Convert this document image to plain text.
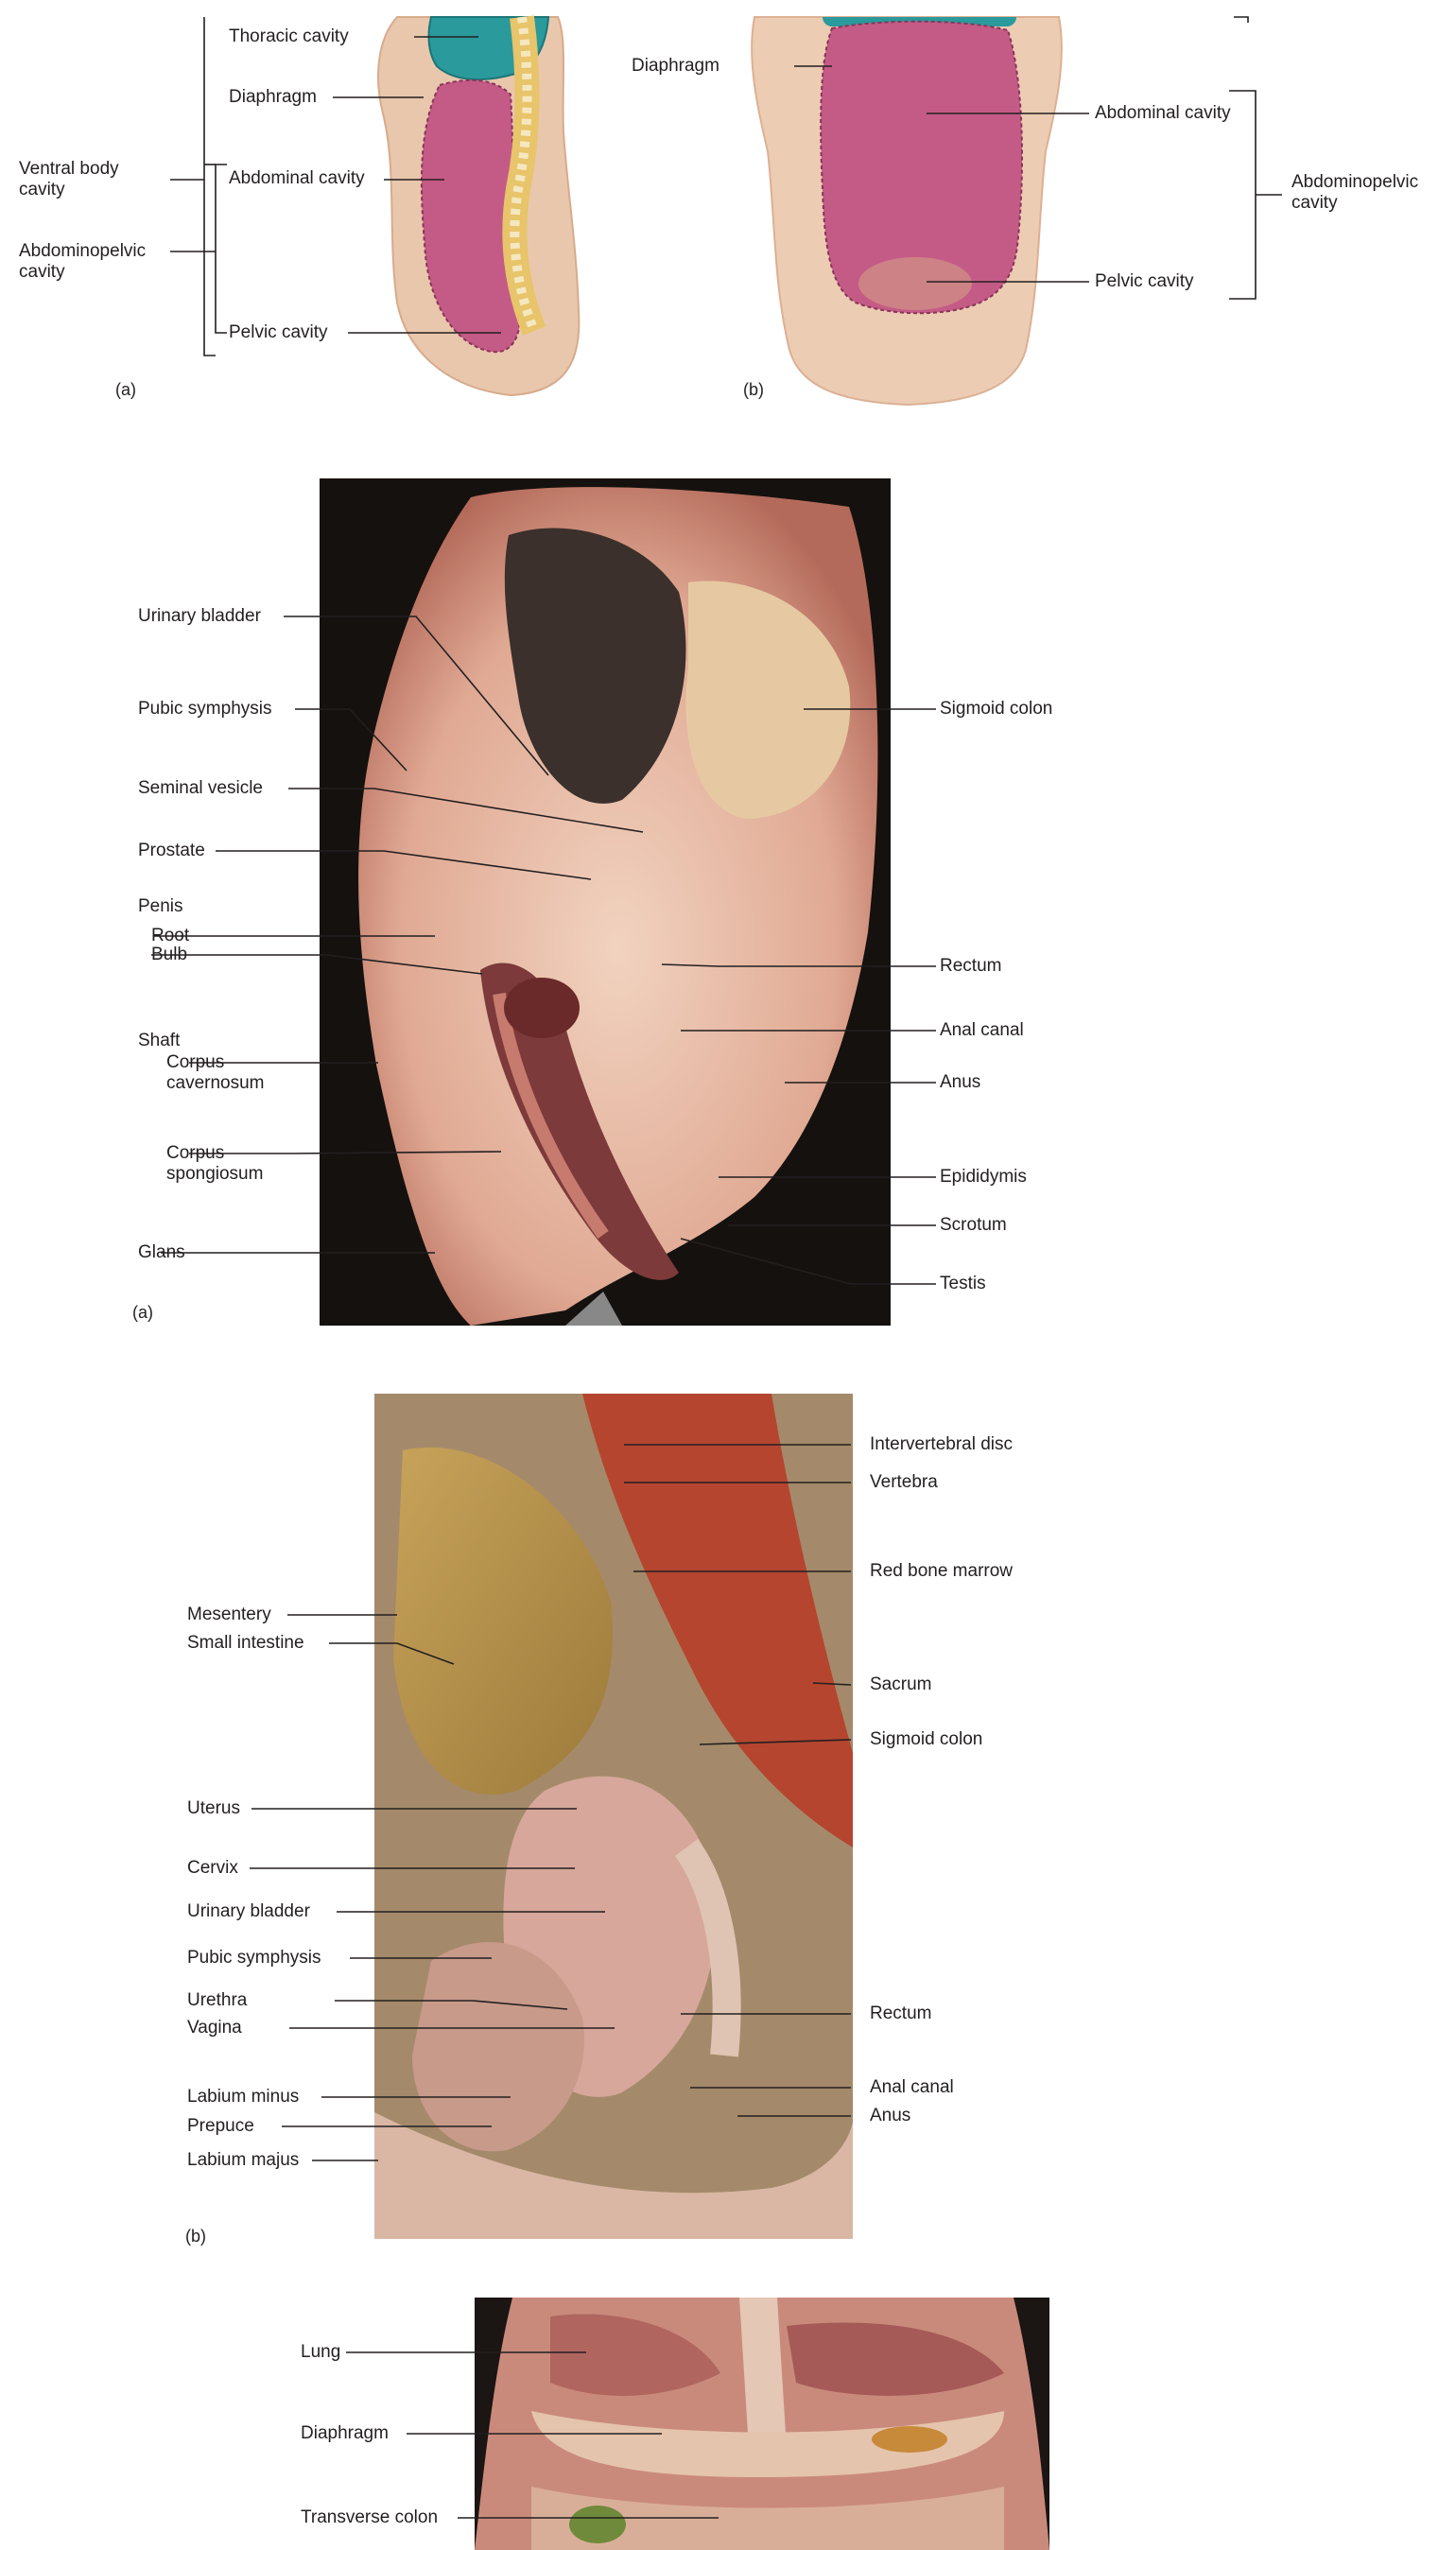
Thoracic cavity
Diaphragm
Abdominal cavity
Pelvic cavity
Ventral body
cavity
Abdominopelvic
cavity
(a)
Diaphragm
Abdominal cavity
Pelvic cavity
Abdominopelvic
cavity
(b)
(a)
Urinary bladder
Pubic symphysis
Seminal vesicle
Prostate
Penis
Root
Bulb
Shaft
Corpus
cavernosum
Corpus
spongiosum
Glans
Sigmoid colon
Rectum
Anal canal
Anus
Epididymis
Scrotum
Testis
(b)
Mesentery
Small intestine
Uterus
Cervix
Urinary bladder
Pubic symphysis
Urethra
Vagina
Labium minus
Prepuce
Labium majus
Intervertebral disc
Vertebra
Red bone marrow
Sacrum
Sigmoid colon
Rectum
Anal canal
Anus
Lung
Diaphragm
Transverse colon
